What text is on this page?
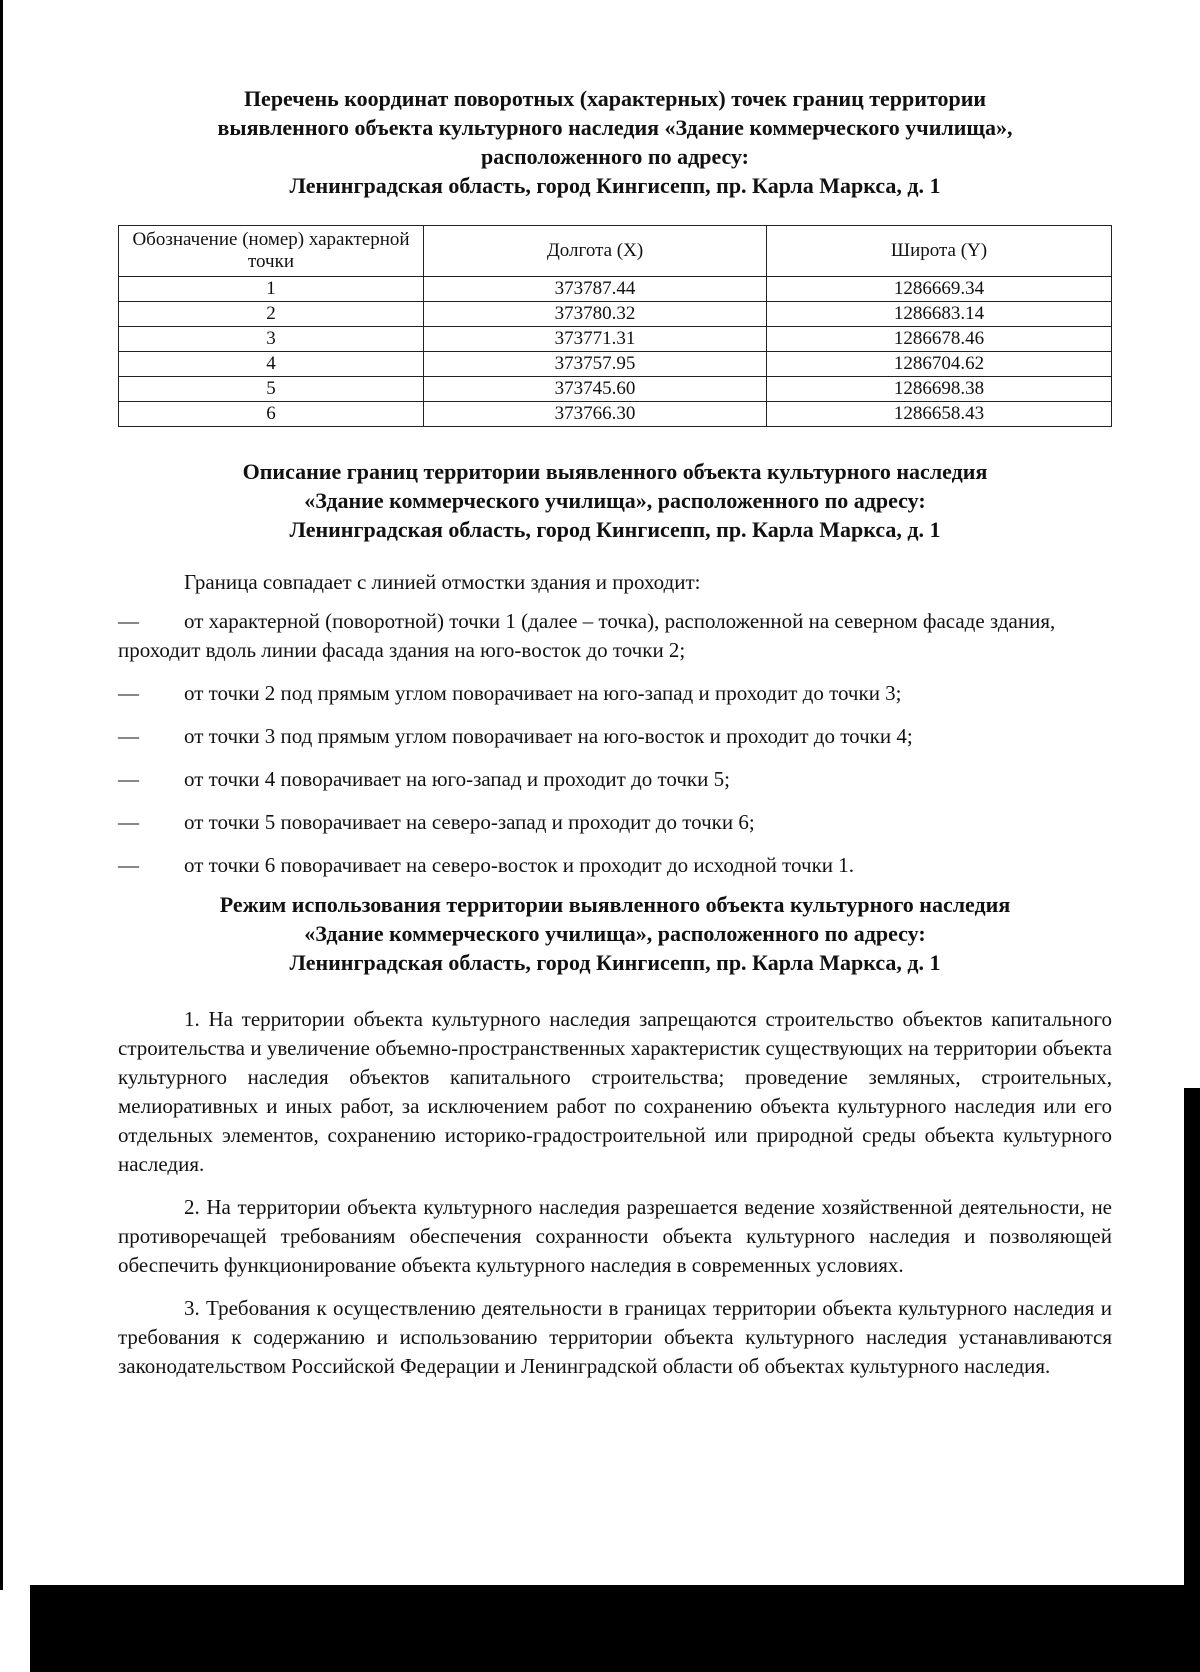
Перечень координат поворотных (характерных) точек границ территории
выявленного объекта культурного наследия «Здание коммерческого училища»,
расположенного по адресу:
Ленинградская область, город Кингисепп, пр. Карла Маркса, д. 1
Обозначение (номер) характерной точки	Долгота (X)	Широта (Y)
1	373787.44	1286669.34
2	373780.32	1286683.14
3	373771.31	1286678.46
4	373757.95	1286704.62
5	373745.60	1286698.38
6	373766.30	1286658.43
Описание границ территории выявленного объекта культурного наследия
«Здание коммерческого училища», расположенного по адресу:
Ленинградская область, город Кингисепп, пр. Карла Маркса, д. 1
Граница совпадает с линией отмостки здания и проходит:
— от характерной (поворотной) точки 1 (далее – точка), расположенной на северном фасаде здания, проходит вдоль линии фасада здания на юго-восток до точки 2;
—	от точки 2 под прямым углом поворачивает на юго-запад и проходит до точки 3;
—	от точки 3 под прямым углом поворачивает на юго-восток и проходит до точки 4;
—	от точки 4 поворачивает на юго-запад и проходит до точки 5;
—	от точки 5 поворачивает на северо-запад и проходит до точки 6;
—	от точки 6 поворачивает на северо-восток и проходит до исходной точки 1.
Режим использования территории выявленного объекта культурного наследия
«Здание коммерческого училища», расположенного по адресу:
Ленинградская область, город Кингисепп, пр. Карла Маркса, д. 1

1. На территории объекта культурного наследия запрещаются строительство объектов капитального строительства и увеличение объемно-пространственных характеристик существующих на территории объекта культурного наследия объектов капитального строительства; проведение земляных, строительных, мелиоративных и иных работ, за исключением работ по сохранению объекта культурного наследия или его отдельных элементов, сохранению историко-градостроительной или природной среды объекта культурного наследия.

2. На территории объекта культурного наследия разрешается ведение хозяйственной деятельности, не противоречащей требованиям обеспечения сохранности объекта культурного наследия и позволяющей обеспечить функционирование объекта культурного наследия в современных условиях.

3. Требования к осуществлению деятельности в границах территории объекта культурного наследия и требования к содержанию и использованию территории объекта культурного наследия устанавливаются законодательством Российской Федерации и Ленинградской области об объектах культурного наследия.
